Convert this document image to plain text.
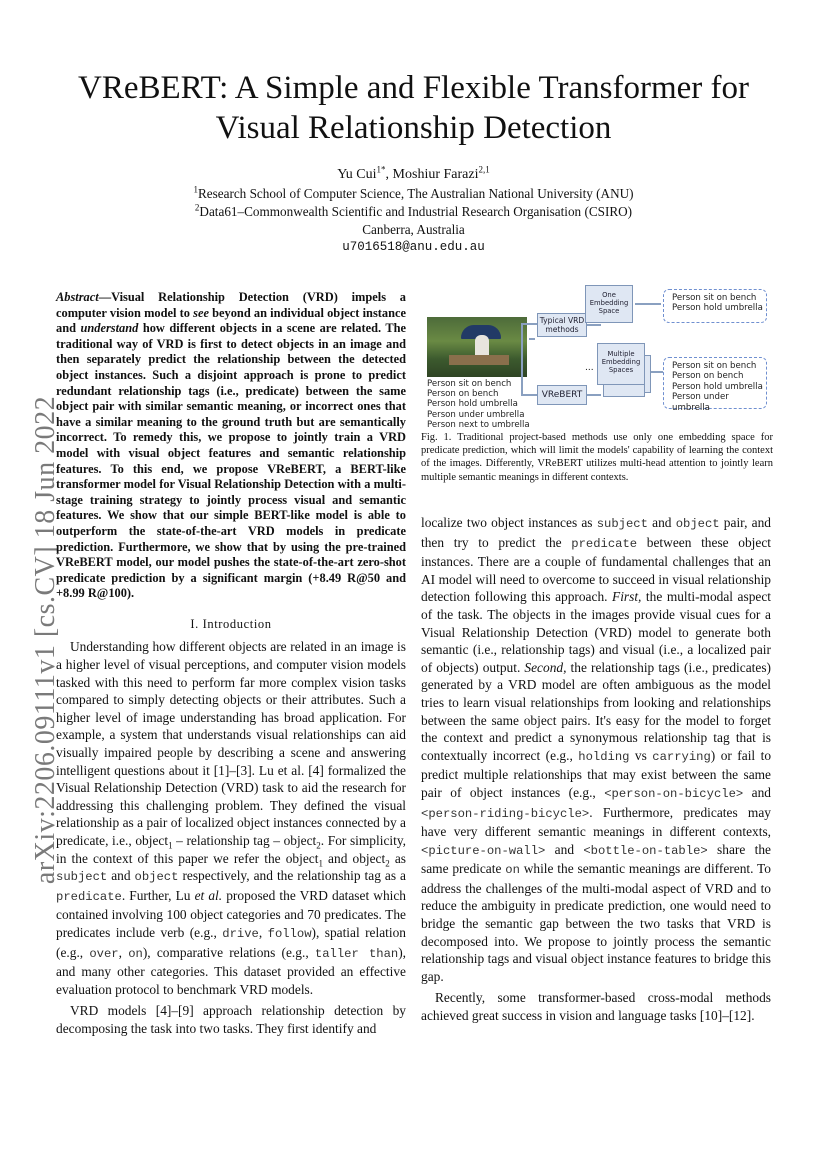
arXiv:2206.09111v1 [cs.CV] 18 Jun 2022
VReBERT: A Simple and Flexible Transformer for Visual Relationship Detection
Yu Cui$^{1*}$, Moshiur Farazi$^{2,1}$
$^1$Research School of Computer Science, The Australian National University (ANU)
$^2$Data61–Commonwealth Scientific and Industrial Research Organisation (CSIRO)
Canberra, Australia
u7016518@anu.edu.au

Abstract—Visual Relationship Detection (VRD) impels a computer vision model to see beyond an individual object instance and understand how different objects in a scene are related. The traditional way of VRD is first to detect objects in an image and then separately predict the relationship between the detected object instances. Such a disjoint approach is prone to predict redundant relationship tags (i.e., predicate) between the same object pair with similar semantic meaning, or incorrect ones that have a similar meaning to the ground truth but are semantically incorrect. To remedy this, we propose to jointly train a VRD model with visual object features and semantic relationship features. To this end, we propose VReBERT, a BERT-like transformer model for Visual Relationship Detection with a multi-stage training strategy to jointly process visual and semantic features. We show that our simple BERT-like model is able to outperform the state-of-the-art VRD models in predicate prediction. Furthermore, we show that by using the pre-trained VReBERT model, our model pushes the state-of-the-art zero-shot predicate prediction by a significant margin (+8.49 R@50 and +8.99 R@100).

I. Introduction

Understanding how different objects are related in an image is a higher level of visual perceptions, and computer vision models tasked with this need to perform far more complex vision tasks compared to simply detecting objects or their attributes. Such a higher level of image understanding has broad application. For example, a system that understands visual relationships can aid visually impaired people by describing a scene and answering intelligent questions about it [1]–[3]. Lu et al. [4] formalized the Visual Relationship Detection (VRD) task to aid the research for addressing this challenging problem. They defined the visual relationship as a pair of localized object instances connected by a predicate, i.e., object$_1$ – relationship tag – object$_2$. For simplicity, in the context of this paper we refer the object$_1$ and object$_2$ as subject and object respectively, and the relationship tag as a predicate. Further, Lu et al. proposed the VRD dataset which contained involving 100 object categories and 70 predicates. The predicates include verb (e.g., drive, follow), spatial relation (e.g., over, on), comparative relations (e.g., taller than), and many other categories. This dataset provided an effective evaluation protocol to benchmark VRD models.

VRD models [4]–[9] approach relationship detection by decomposing the task into two tasks. They first identify and

Person sit on bench
Person on bench
Person hold umbrella
Person under umbrella
Person next to umbrella
Typical VRD methods
VReBERT
One Embedding Space
Multiple Embedding Spaces
...
Person sit on bench
Person hold umbrella
Person sit on bench
Person on bench
Person hold umbrella
Person under umbrella

Fig. 1. Traditional project-based methods use only one embedding space for predicate prediction, which will limit the models' capability of learning the context of the images. Differently, VReBERT utilizes multi-head attention to jointly learn multiple semantic meanings in different contexts.

localize two object instances as subject and object pair, and then try to predict the predicate between these object instances. There are a couple of fundamental challenges that an AI model will need to overcome to succeed in visual relationship detection following this approach. First, the multi-modal aspect of the task. The objects in the images provide visual cues for a Visual Relationship Detection (VRD) model to generate both semantic (i.e., relationship tags) and visual (i.e., a localized pair of objects) output. Second, the relationship tags (i.e., predicates) generated by a VRD model are often ambiguous as the model tries to learn visual relationships from looking and relationships between the same object pairs. It's easy for the model to forget the context and predict a synonymous relationship tag that is contextually incorrect (e.g., holding vs carrying) or fail to predict multiple relationships that may exist between the same pair of object instances (e.g., <person-on-bicycle> and <person-riding-bicycle>. Furthermore, predicates may have very different semantic meanings in different contexts, <picture-on-wall> and <bottle-on-table> share the same predicate on while the semantic meanings are different. To address the challenges of the multi-modal aspect of VRD and to reduce the ambiguity in predicate prediction, one would need to bridge the semantic gap between the two tasks that VRD is decomposed into. We propose to jointly process the semantic relationship tags and visual object instance features to bridge this gap.

Recently, some transformer-based cross-modal methods achieved great success in vision and language tasks [10]–[12].
